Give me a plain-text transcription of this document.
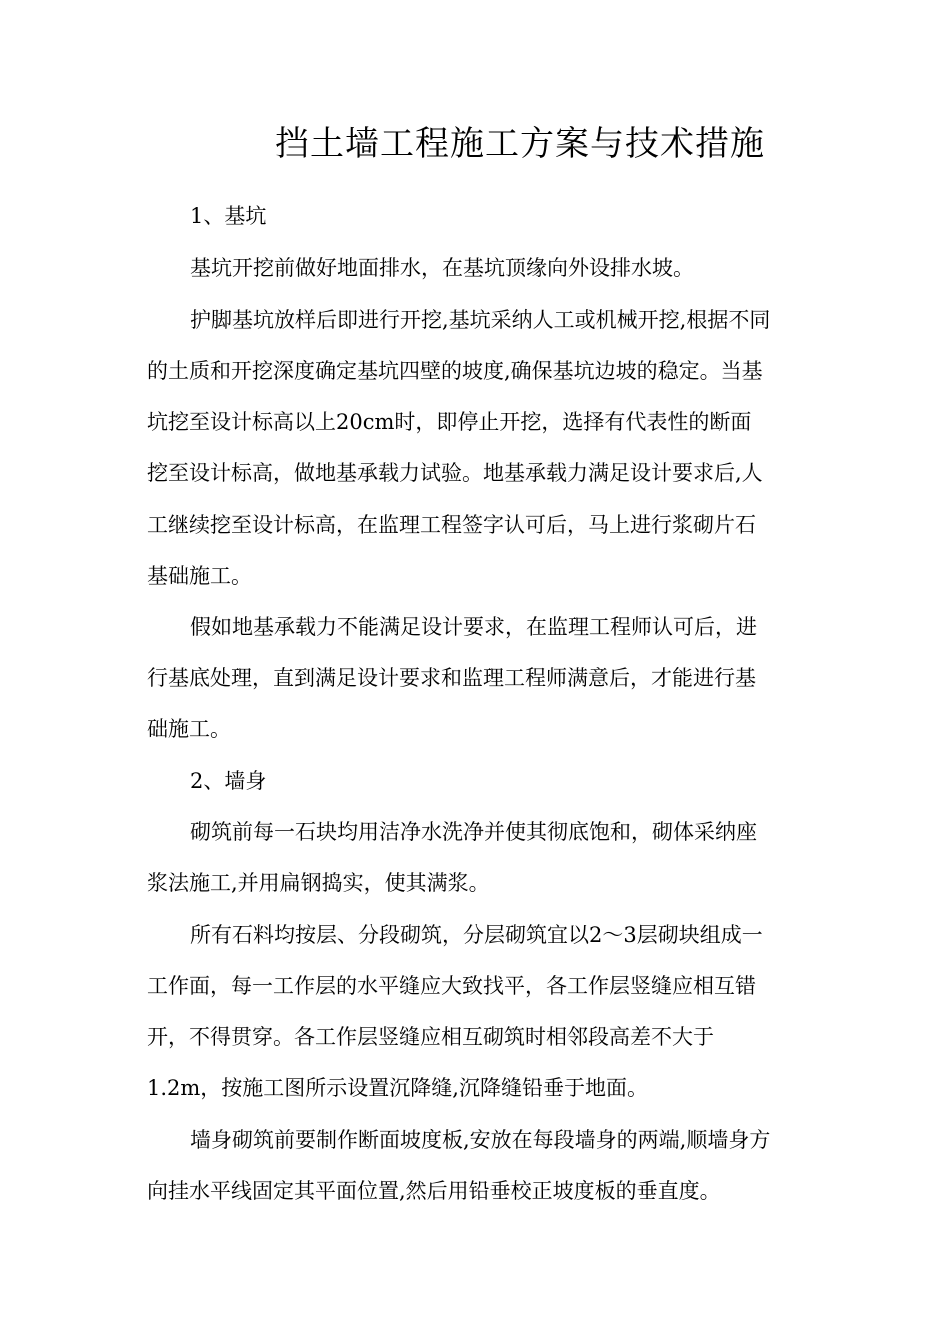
挡土墙工程施工方案与技术措施
1、基坑
基坑开挖前做好地面排水，在基坑顶缘向外设排水坡。
护脚基坑放样后即进行开挖,基坑采纳人工或机械开挖,根据不同
的土质和开挖深度确定基坑四壁的坡度,确保基坑边坡的稳定。当基
坑挖至设计标高以上20cm时，即停止开挖，选择有代表性的断面
挖至设计标高，做地基承载力试验。地基承载力满足设计要求后,人
工继续挖至设计标高，在监理工程签字认可后，马上进行浆砌片石
基础施工。
假如地基承载力不能满足设计要求，在监理工程师认可后，进
行基底处理，直到满足设计要求和监理工程师满意后，才能进行基
础施工。
2、墙身
砌筑前每一石块均用洁净水洗净并使其彻底饱和，砌体采纳座
浆法施工,并用扁钢捣实，使其满浆。
所有石料均按层、分段砌筑，分层砌筑宜以2～3层砌块组成一
工作面，每一工作层的水平缝应大致找平，各工作层竖缝应相互错
开，不得贯穿。各工作层竖缝应相互砌筑时相邻段高差不大于
1.2m，按施工图所示设置沉降缝,沉降缝铅垂于地面。
墙身砌筑前要制作断面坡度板,安放在每段墙身的两端,顺墙身方
向挂水平线固定其平面位置,然后用铅垂校正坡度板的垂直度。
